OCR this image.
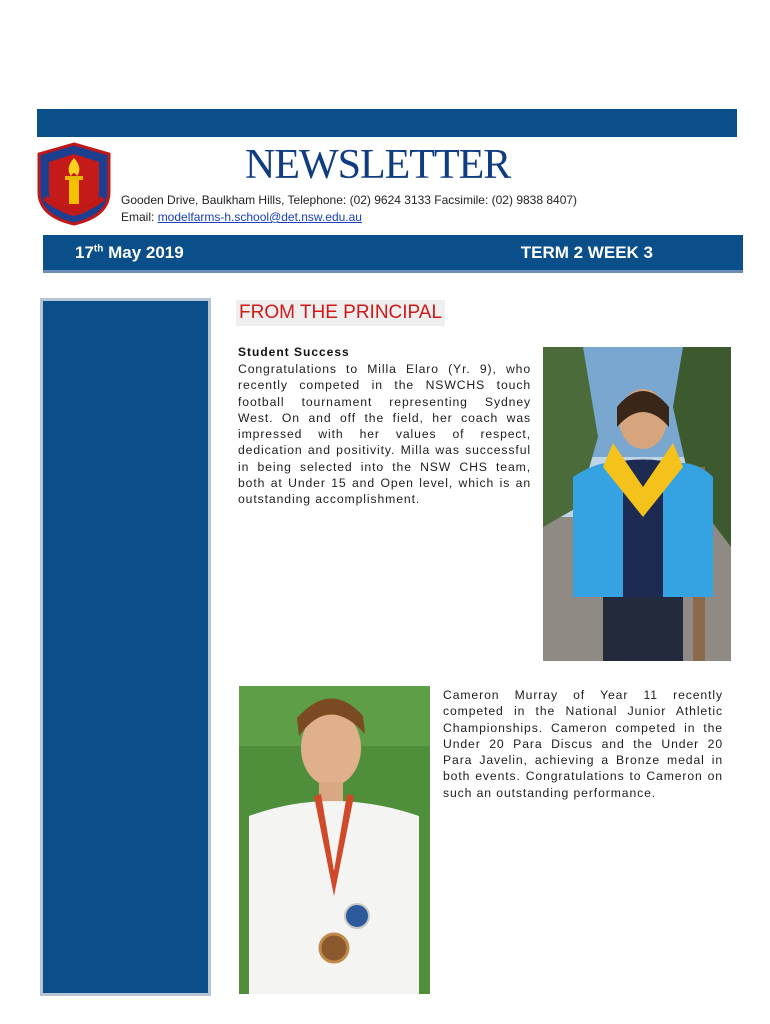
NEWSLETTER
Gooden Drive, Baulkham Hills, Telephone: (02) 9624 3133 Facsimile: (02) 9838 8407)
Email: modelfarms-h.school@det.nsw.edu.au
17th May 2019	TERM 2 WEEK 3
FROM THE PRINCIPAL
Student Success
Congratulations to Milla Elaro (Yr. 9), who recently competed in the NSWCHS touch football tournament representing Sydney West. On and off the field, her coach was impressed with her values of respect, dedication and positivity. Milla was successful in being selected into the NSW CHS team, both at Under 15 and Open level, which is an outstanding accomplishment.
Cameron Murray of Year 11 recently competed in the National Junior Athletic Championships. Cameron competed in the Under 20 Para Discus and the Under 20 Para Javelin, achieving a Bronze medal in both events. Congratulations to Cameron on such an outstanding performance.
